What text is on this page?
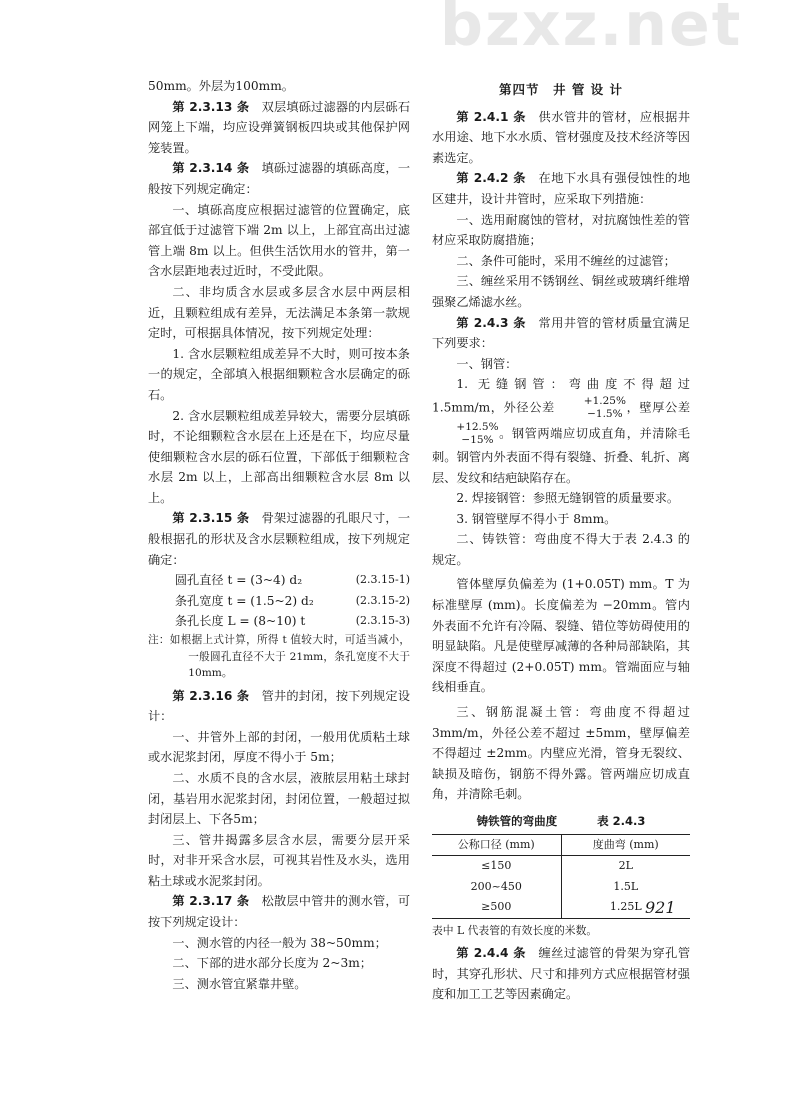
bzxz.net

50mm。外层为100mm。

第 2.3.13 条　 双层填砾过滤器的内层砾石网笼上下端，均应设弹簧钢板四块或其他保护网笼装置。

第 2.3.14 条　 填砾过滤器的填砾高度，一般按下列规定确定：

一、填砾高度应根据过滤管的位置确定，底部宜低于过滤管下端 2m 以上，上部宜高出过滤管上端 8m 以上。但供生活饮用水的管井，第一含水层距地表过近时，不受此限。

二、非均质含水层或多层含水层中两层相近，且颗粒组成有差异，无法满足本条第一款规定时，可根据具体情况，按下列规定处理：

1. 含水层颗粒组成差异不大时，则可按本条一的规定，全部填入根据细颗粒含水层确定的砾石。

2. 含水层颗粒组成差异较大，需要分层填砾时，不论细颗粒含水层在上还是在下，均应尽量使细颗粒含水层的砾石位置，下部低于细颗粒含水层 2m 以上，上部高出细颗粒含水层 8m 以上。

第 2.3.15 条　 骨架过滤器的孔眼尺寸，一般根据孔的形状及含水层颗粒组成，按下列规定确定：

圆孔直径 t = (3~4) d₂	(2.3.15-1)
条孔宽度 t = (1.5~2) d₂	(2.3.15-2)
条孔长度 L = (8~10) t	(2.3.15-3)

注：如根据上式计算，所得 t 值较大时，可适当减小，一般圆孔直径不大于 21mm，条孔宽度不大于 10mm。

第 2.3.16 条　 管井的封闭，按下列规定设计：

一、井管外上部的封闭，一般用优质粘土球或水泥浆封闭，厚度不得小于 5m；

二、水质不良的含水层，液脓层用粘土球封闭，基岩用水泥浆封闭，封闭位置，一般超过拟封闭层上、下各5m；

三、管井揭露多层含水层，需要分层开采时，对非开采含水层，可视其岩性及水头，选用粘土球或水泥浆封闭。

第 2.3.17 条　 松散层中管井的测水管，可按下列规定设计：

一、测水管的内径一般为 38~50mm；

二、下部的进水部分长度为 2~3m；

三、测水管宜紧靠井壁。

第四节　井 管 设 计

第 2.4.1 条　 供水管井的管材，应根据井水用途、地下水水质、管材强度及技术经济等因素选定。

第 2.4.2 条　 在地下水具有强侵蚀性的地区建井，设计井管时，应采取下列措施：

一、选用耐腐蚀的管材，对抗腐蚀性差的管材应采取防腐措施；

二、条件可能时，采用不缠丝的过滤管；

三、缠丝采用不锈钢丝、铜丝或玻璃纤维增强聚乙烯滤水丝。

第 2.4.3 条　 常用井管的管材质量宜满足下列要求：

一、钢管：

1. 无缝钢管：弯曲度不得超过 1.5mm/m，外径公差	+1.25%
−1.5% ，壁厚公差
+12.5%
−15% 。钢管两端应切成直角，并清除毛刺。钢管内外表面不得有裂缝、折叠、轧折、离层、发纹和结疤缺陷存在。

2. 焊接钢管：参照无缝钢管的质量要求。

3. 钢管壁厚不得小于 8mm。

二、铸铁管：弯曲度不得大于表 2.4.3 的规定。

管体壁厚负偏差为 (1+0.05T) mm。T 为标准壁厚 (mm)。长度偏差为 −20mm。管内外表面不允许有冷隔、裂缝、错位等妨碍使用的明显缺陷。凡是使壁厚减薄的各种局部缺陷，其深度不得超过 (2+0.05T) mm。管端面应与轴线相垂直。

三、钢筋混凝土管：弯曲度不得超过 3mm/m，外径公差不超过 ±5mm，壁厚偏差不得超过 ±2mm。内壁应光滑，管身无裂纹、缺损及暗伤，钢筋不得外露。管两端应切成直角，并清除毛刺。

铸铁管的弯曲度	表 2.4.3
公称口径 (mm)	度曲弯 (mm)
≤150	2L
200~450	1.5L
≥500	1.25L

表中 L 代表管的有效长度的米数。

第 2.4.4 条　 缠丝过滤管的骨架为穿孔管时，其穿孔形状、尺寸和排列方式应根据管材强度和加工工艺等因素确定。

921
